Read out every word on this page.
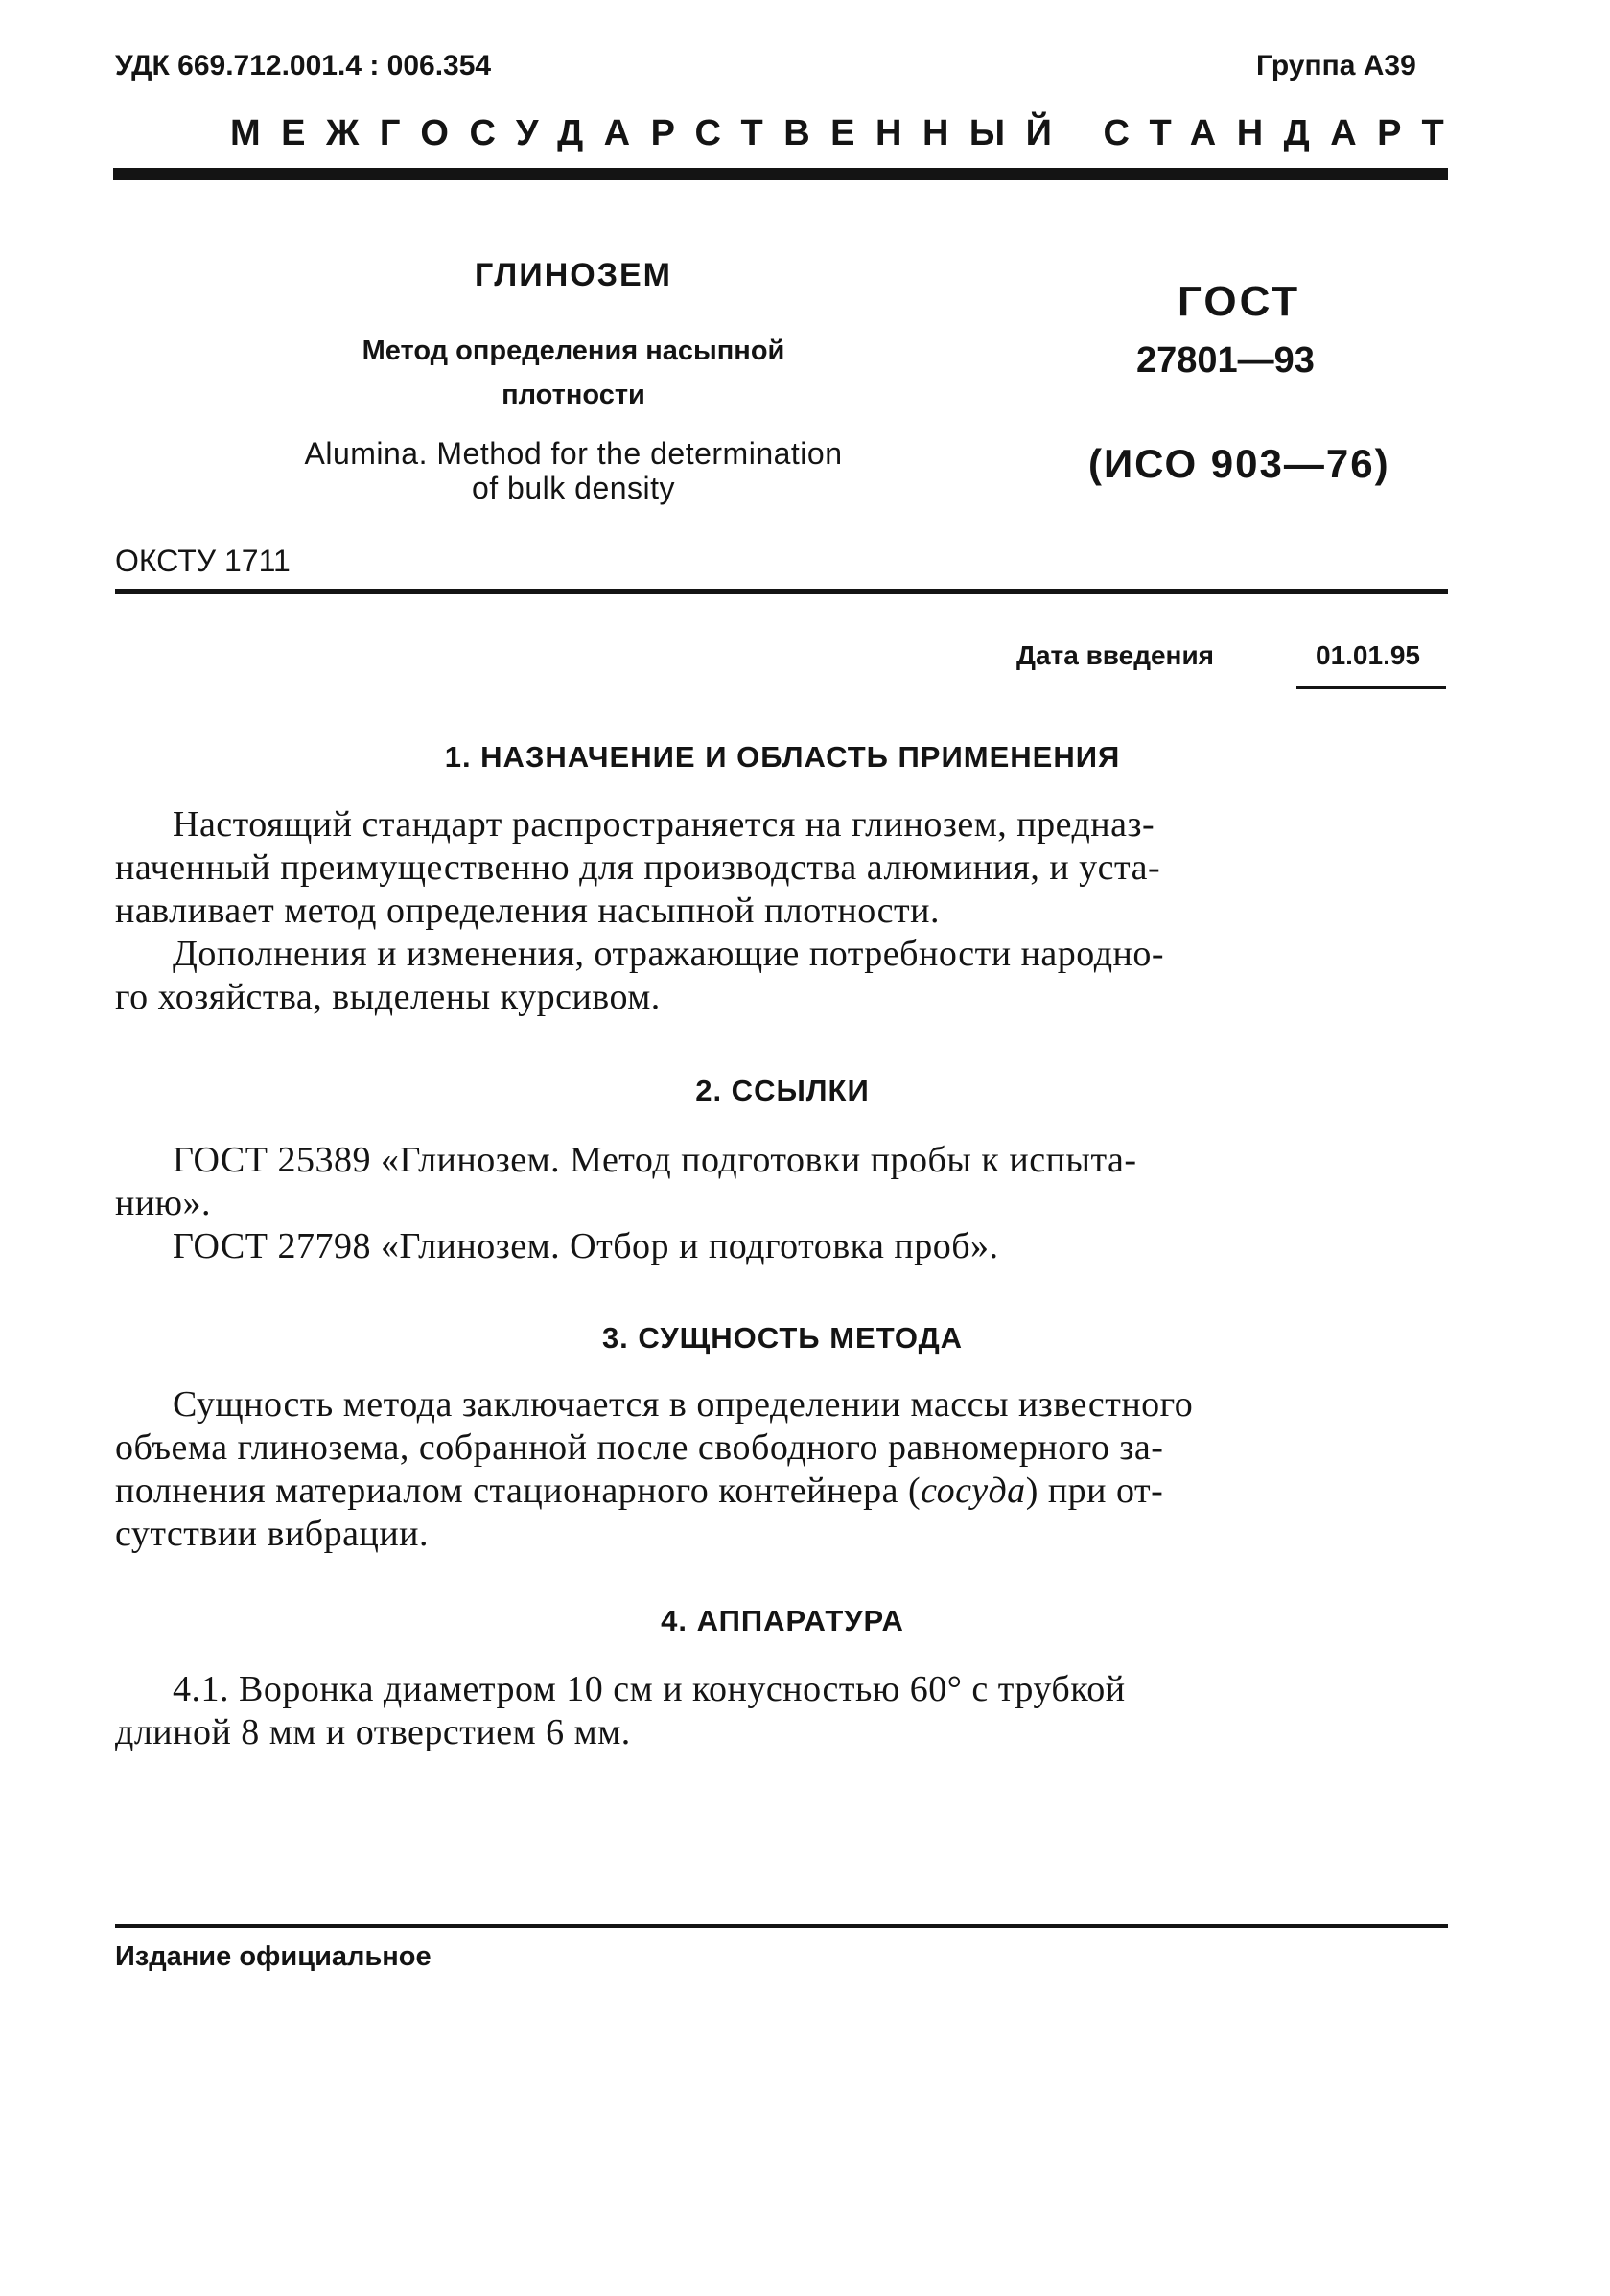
УДК 669.712.001.4 : 006.354	Группа А39
МЕЖГОСУДАРСТВЕННЫЙ СТАНДАРТ
ГЛИНОЗЕМ
Метод определения насыпной
плотности
Alumina. Method for the determination
of bulk density
ОКСТУ 1711
ГОСТ
27801—93
(ИСО 903—76)
Дата введения	01.01.95
1. НАЗНАЧЕНИЕ И ОБЛАСТЬ ПРИМЕНЕНИЯ
Настоящий стандарт распространяется на глинозем, предназ-
наченный преимущественно для производства алюминия, и уста-
навливает метод определения насыпной плотности.
Дополнения и изменения, отражающие потребности народно-
го хозяйства, выделены курсивом.
2. ССЫЛКИ
ГОСТ 25389 «Глинозем. Метод подготовки пробы к испыта-
нию».
ГОСТ 27798 «Глинозем. Отбор и подготовка проб».
3. СУЩНОСТЬ МЕТОДА
Сущность метода заключается в определении массы известного
объема глинозема, собранной после свободного равномерного за-
полнения материалом стационарного контейнера (сосуда) при от-
сутствии вибрации.
4. АППАРАТУРА
4.1. Воронка диаметром 10 см и конусностью 60° с трубкой
длиной 8 мм и отверстием 6 мм.
Издание официальное
